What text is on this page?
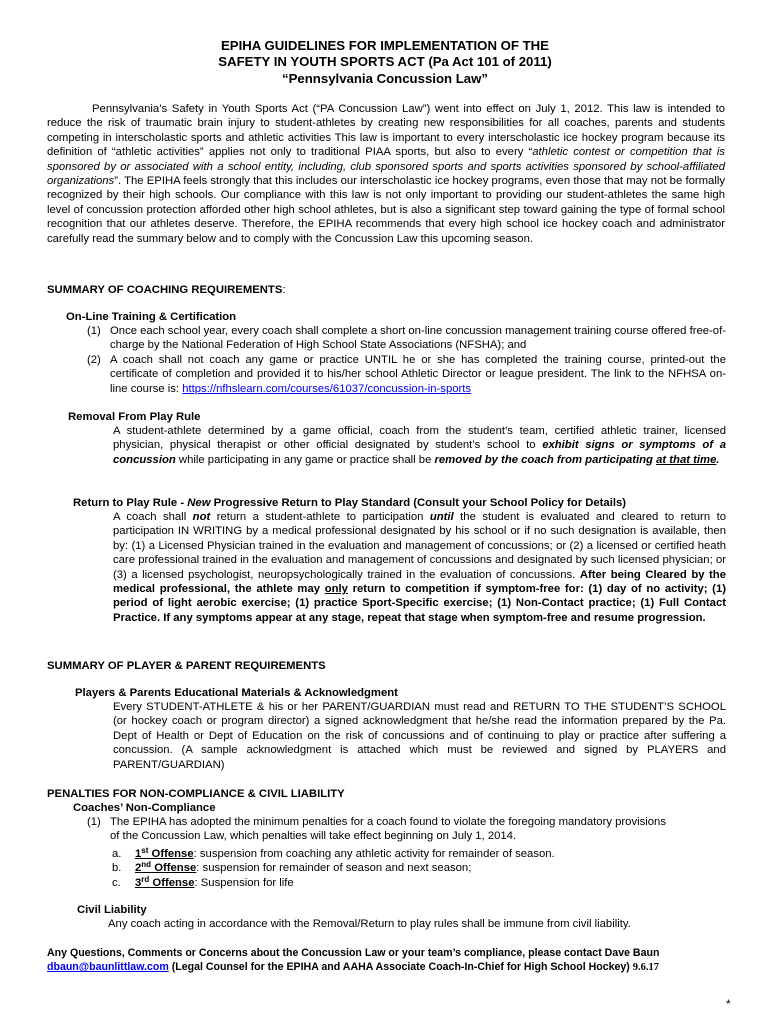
EPIHA GUIDELINES FOR IMPLEMENTATION OF THE
SAFETY IN YOUTH SPORTS ACT (Pa Act 101 of 2011)
“Pennsylvania Concussion Law”
Pennsylvania’s Safety in Youth Sports Act (“PA Concussion Law”) went into effect on July 1, 2012. This law is intended to reduce the risk of traumatic brain injury to student-athletes by creating new responsibilities for all coaches, parents and students competing in interscholastic sports and athletic activities This law is important to every interscholastic ice hockey program because its definition of “athletic activities” applies not only to traditional PIAA sports, but also to every “athletic contest or competition that is sponsored by or associated with a school entity, including, club sponsored sports and sports activities sponsored by school-affiliated organizations”. The EPIHA feels strongly that this includes our interscholastic ice hockey programs, even those that may not be formally recognized by their high schools. Our compliance with this law is not only important to providing our student-athletes the same high level of concussion protection afforded other high school athletes, but is also a significant step toward gaining the type of formal school recognition that our athletes deserve. Therefore, the EPIHA recommends that every high school ice hockey coach and administrator carefully read the summary below and to comply with the Concussion Law this upcoming season.
SUMMARY OF COACHING REQUIREMENTS:
On-Line Training & Certification
(1) Once each school year, every coach shall complete a short on-line concussion management training course offered free-of-charge by the National Federation of High School State Associations (NFSHA); and
(2) A coach shall not coach any game or practice UNTIL he or she has completed the training course, printed-out the certificate of completion and provided it to his/her school Athletic Director or league president. The link to the NFHSA on-line course is: https://nfhslearn.com/courses/61037/concussion-in-sports
Removal From Play Rule
A student-athlete determined by a game official, coach from the student’s team, certified athletic trainer, licensed physician, physical therapist or other official designated by student’s school to exhibit signs or symptoms of a concussion while participating in any game or practice shall be removed by the coach from participating at that time.
Return to Play Rule - New Progressive Return to Play Standard (Consult your School Policy for Details)
A coach shall not return a student-athlete to participation until the student is evaluated and cleared to return to participation IN WRITING by a medical professional designated by his school or if no such designation is available, then by: (1) a Licensed Physician trained in the evaluation and management of concussions; or (2) a licensed or certified heath care professional trained in the evaluation and management of concussions and designated by such licensed physician; or (3) a licensed psychologist, neuropsychologically trained in the evaluation of concussions. After being Cleared by the medical professional, the athlete may only return to competition if symptom-free for: (1) day of no activity; (1) period of light aerobic exercise; (1) practice Sport-Specific exercise; (1) Non-Contact practice; (1) Full Contact Practice. If any symptoms appear at any stage, repeat that stage when symptom-free and resume progression.
SUMMARY OF PLAYER & PARENT REQUIREMENTS
Players & Parents Educational Materials & Acknowledgment
Every STUDENT-ATHLETE & his or her PARENT/GUARDIAN must read and RETURN TO THE STUDENT’S SCHOOL (or hockey coach or program director) a signed acknowledgment that he/she read the information prepared by the Pa. Dept of Health or Dept of Education on the risk of concussions and of continuing to play or practice after suffering a concussion. (A sample acknowledgment is attached which must be reviewed and signed by PLAYERS and PARENT/GUARDIAN)
PENALTIES FOR NON-COMPLIANCE & CIVIL LIABILITY
Coaches’ Non-Compliance
(1) The EPIHA has adopted the minimum penalties for a coach found to violate the foregoing mandatory provisions of the Concussion Law, which penalties will take effect beginning on July 1, 2014.
a. 1st Offense: suspension from coaching any athletic activity for remainder of season.
b. 2nd Offense: suspension for remainder of season and next season;
c. 3rd Offense: Suspension for life
Civil Liability
Any coach acting in accordance with the Removal/Return to play rules shall be immune from civil liability.
Any Questions, Comments or Concerns about the Concussion Law or your team’s compliance, please contact Dave Baun
dbaun@baunlittlaw.com (Legal Counsel for the EPIHA and AAHA Associate Coach-In-Chief for High School Hockey) 9.6.17
*
